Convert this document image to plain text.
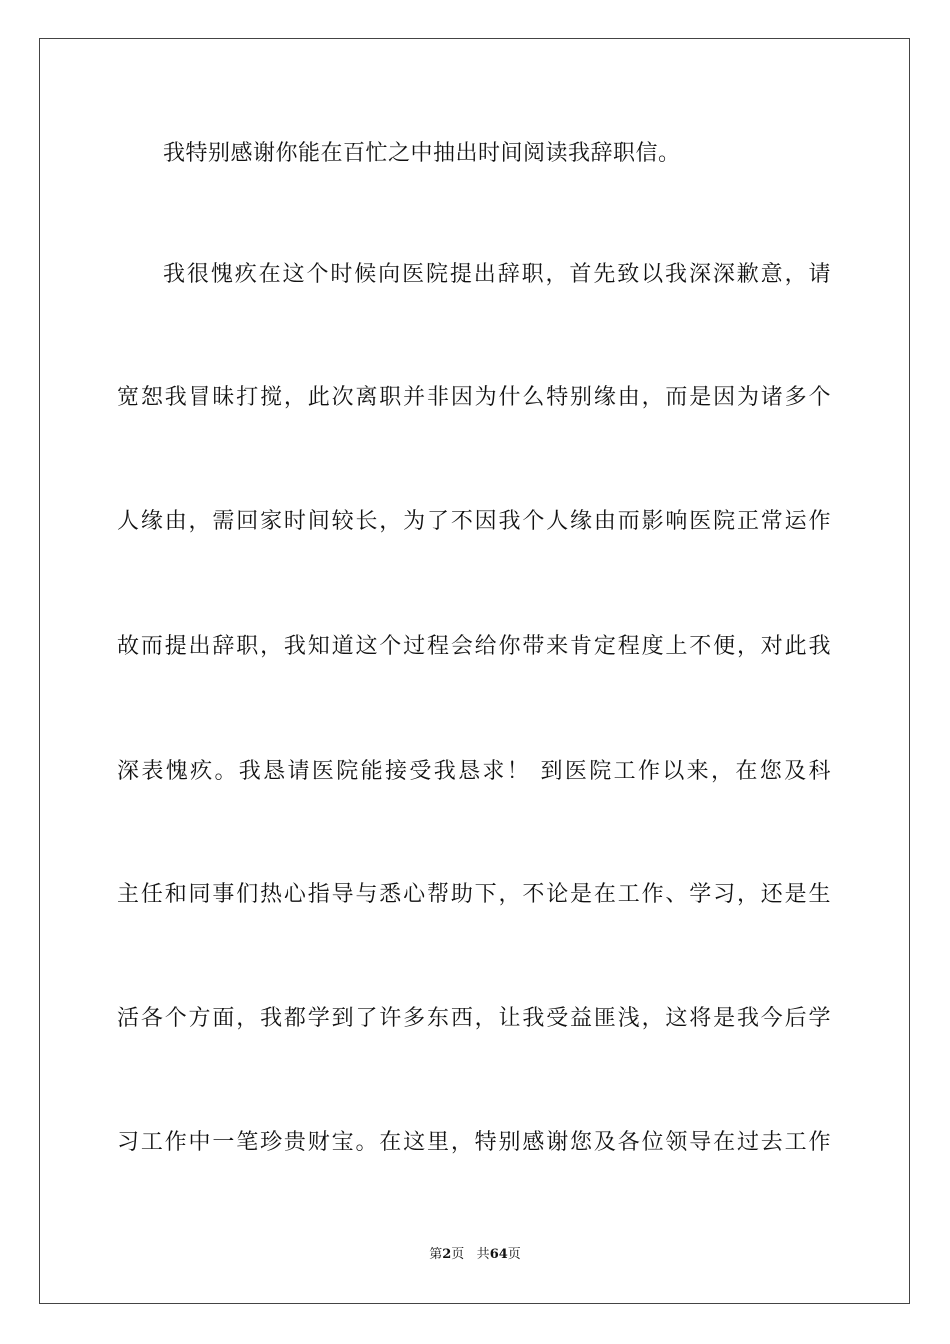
我特别感谢你能在百忙之中抽出时间阅读我辞职信。
我很愧疚在这个时候向医院提出辞职，首先致以我深深歉意，请
宽恕我冒昧打搅，此次离职并非因为什么特别缘由，而是因为诸多个
人缘由，需回家时间较长，为了不因我个人缘由而影响医院正常运作
故而提出辞职，我知道这个过程会给你带来肯定程度上不便，对此我
深表愧疚。我恳请医院能接受我恳求！ 到医院工作以来，在您及科
主任和同事们热心指导与悉心帮助下，不论是在工作、学习，还是生
活各个方面，我都学到了许多东西，让我受益匪浅，这将是我今后学
习工作中一笔珍贵财宝。在这里，特别感谢您及各位领导在过去工作
第2页 共64页
